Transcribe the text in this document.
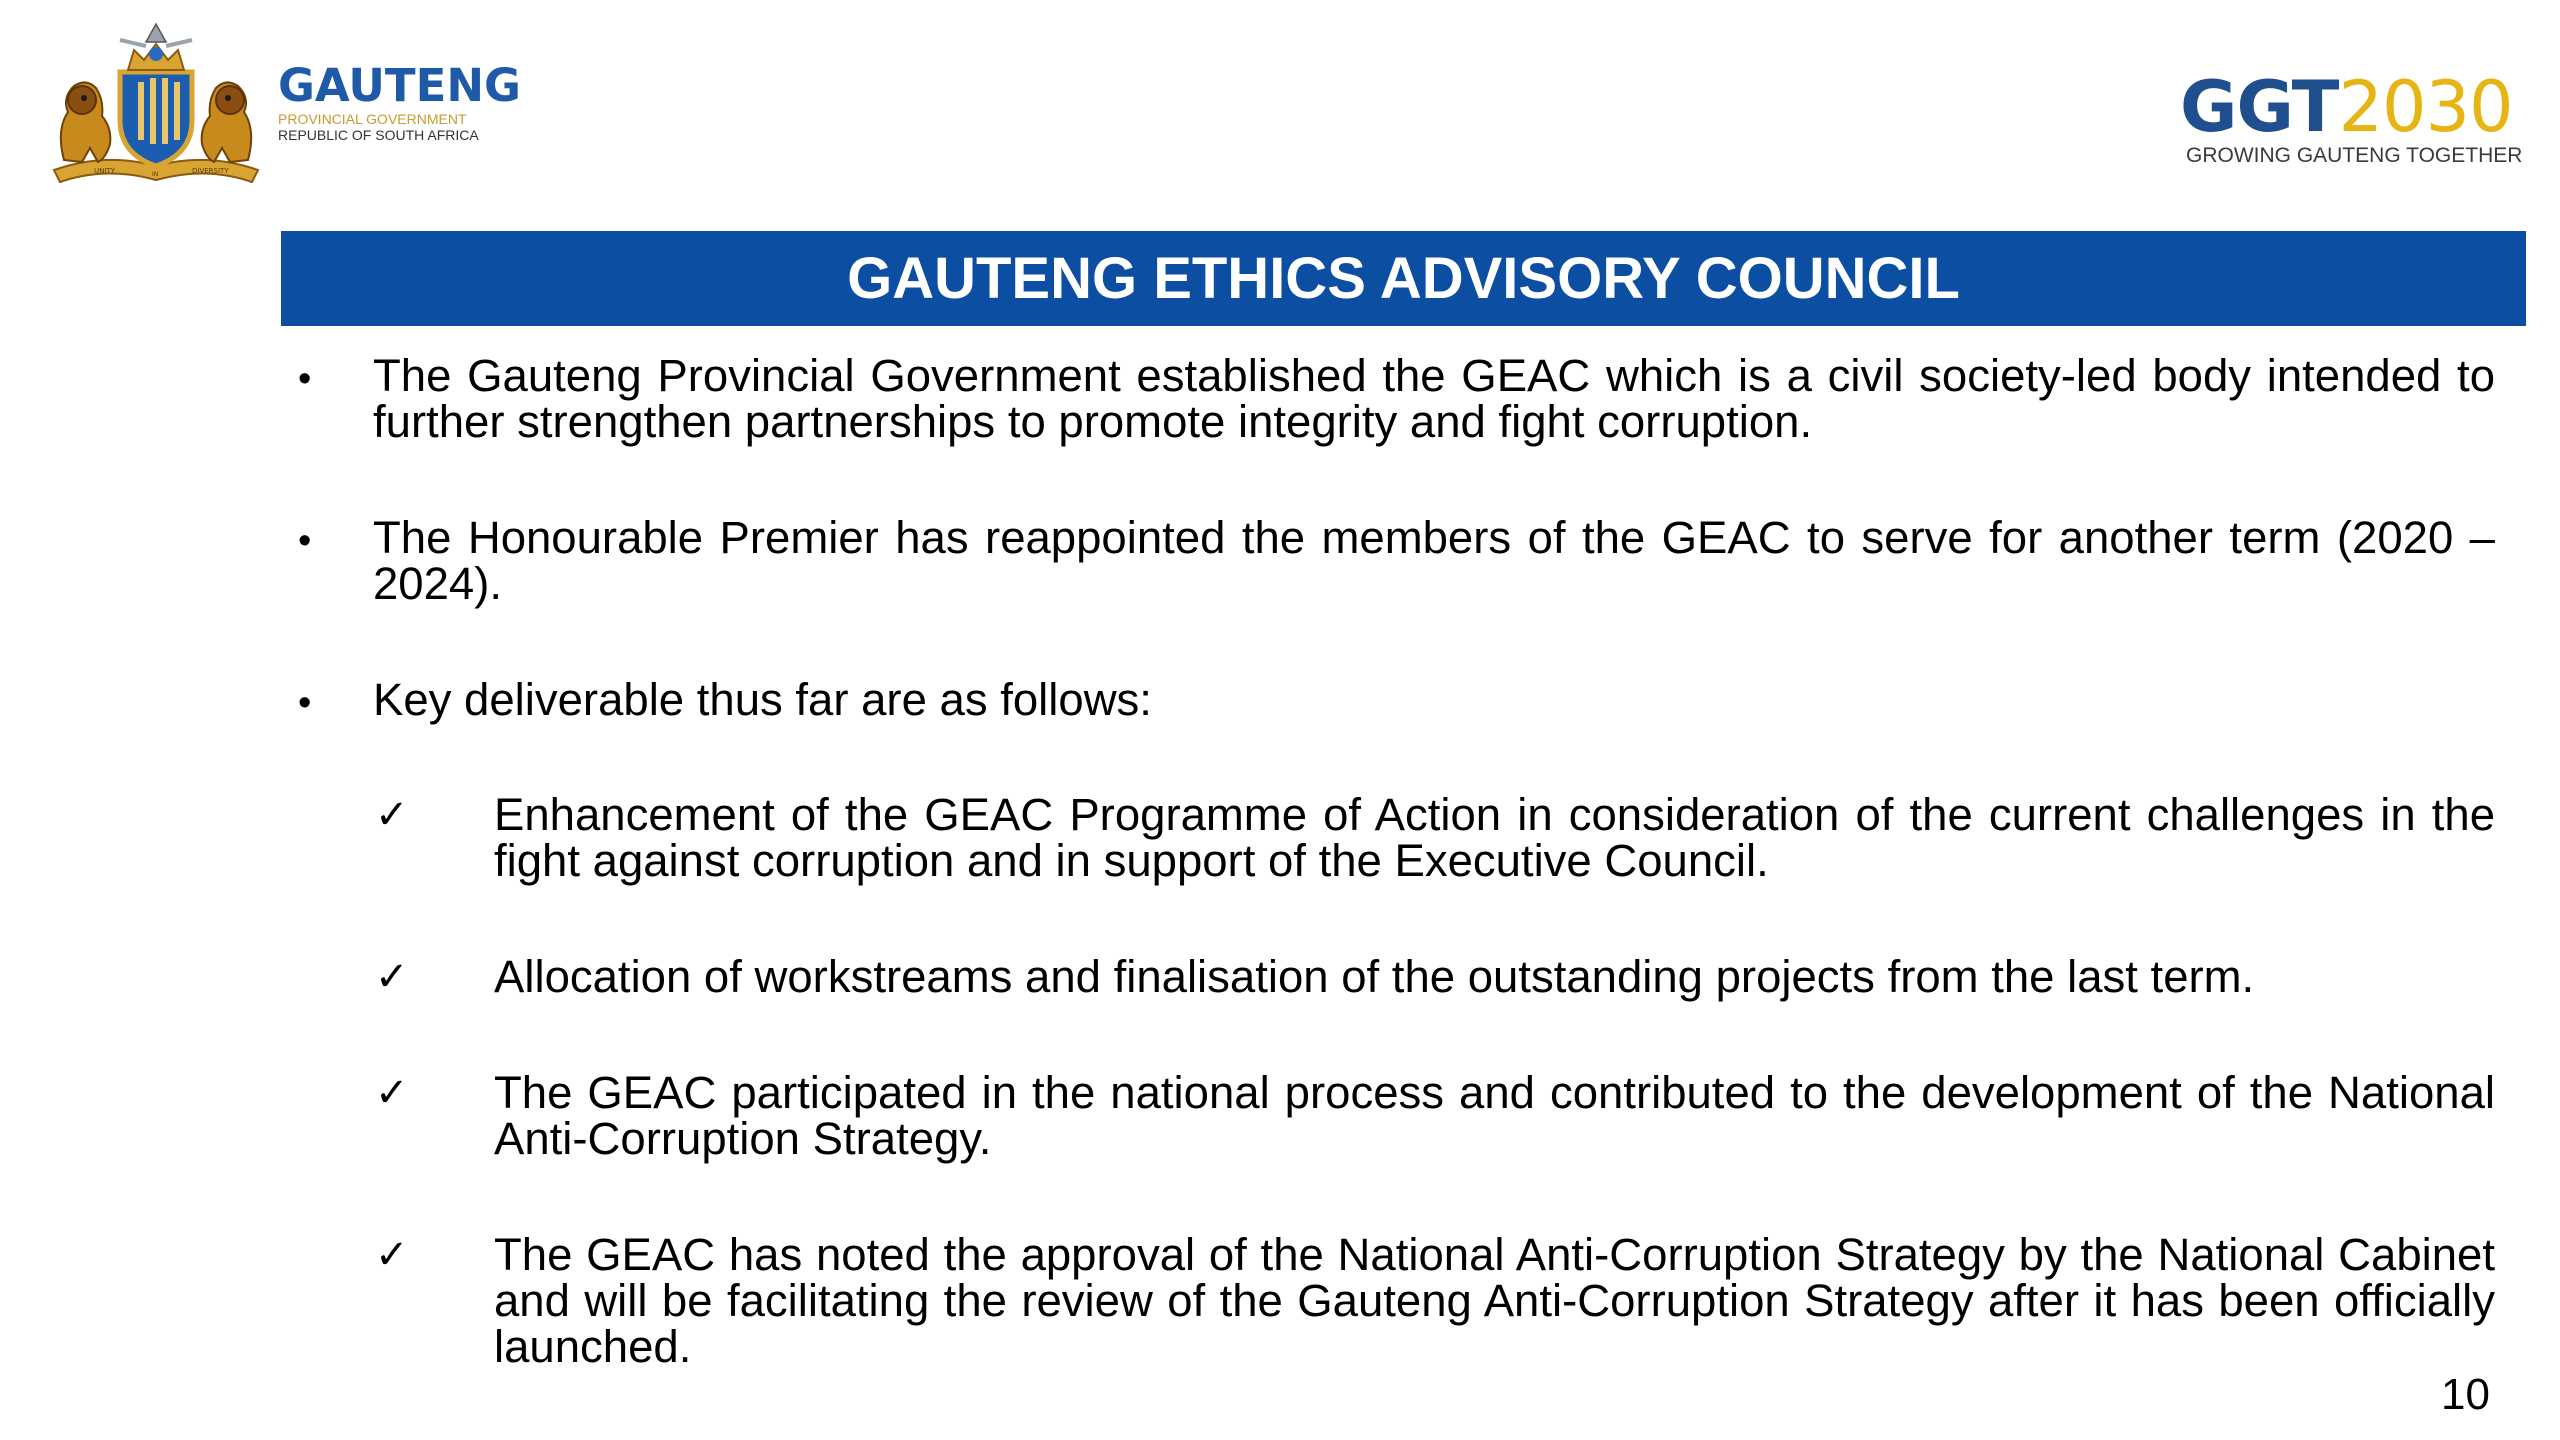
UNITY	IN	DIVERSITY
GAUTENG
PROVINCIAL GOVERNMENT
REPUBLIC OF SOUTH AFRICA	GGT2030
GROWING GAUTENG TOGETHER
GAUTENG ETHICS ADVISORY COUNCIL
• The Gauteng Provincial Government established the GEAC which is a civil society-led body intended to further strengthen partnerships to promote integrity and fight corruption.
• The Honourable Premier has reappointed the members of the GEAC to serve for another term (2020 – 2024).
• Key deliverable thus far are as follows:
✓ Enhancement of the GEAC Programme of Action in consideration of the current challenges in the fight against corruption and in support of the Executive Council.
✓ Allocation of workstreams and finalisation of the outstanding projects from the last term.
✓ The GEAC participated in the national process and contributed to the development of the National Anti-Corruption Strategy.
✓ The GEAC has noted the approval of the National Anti-Corruption Strategy by the National Cabinet and will be facilitating the review of the Gauteng Anti-Corruption Strategy after it has been officially launched.
10
